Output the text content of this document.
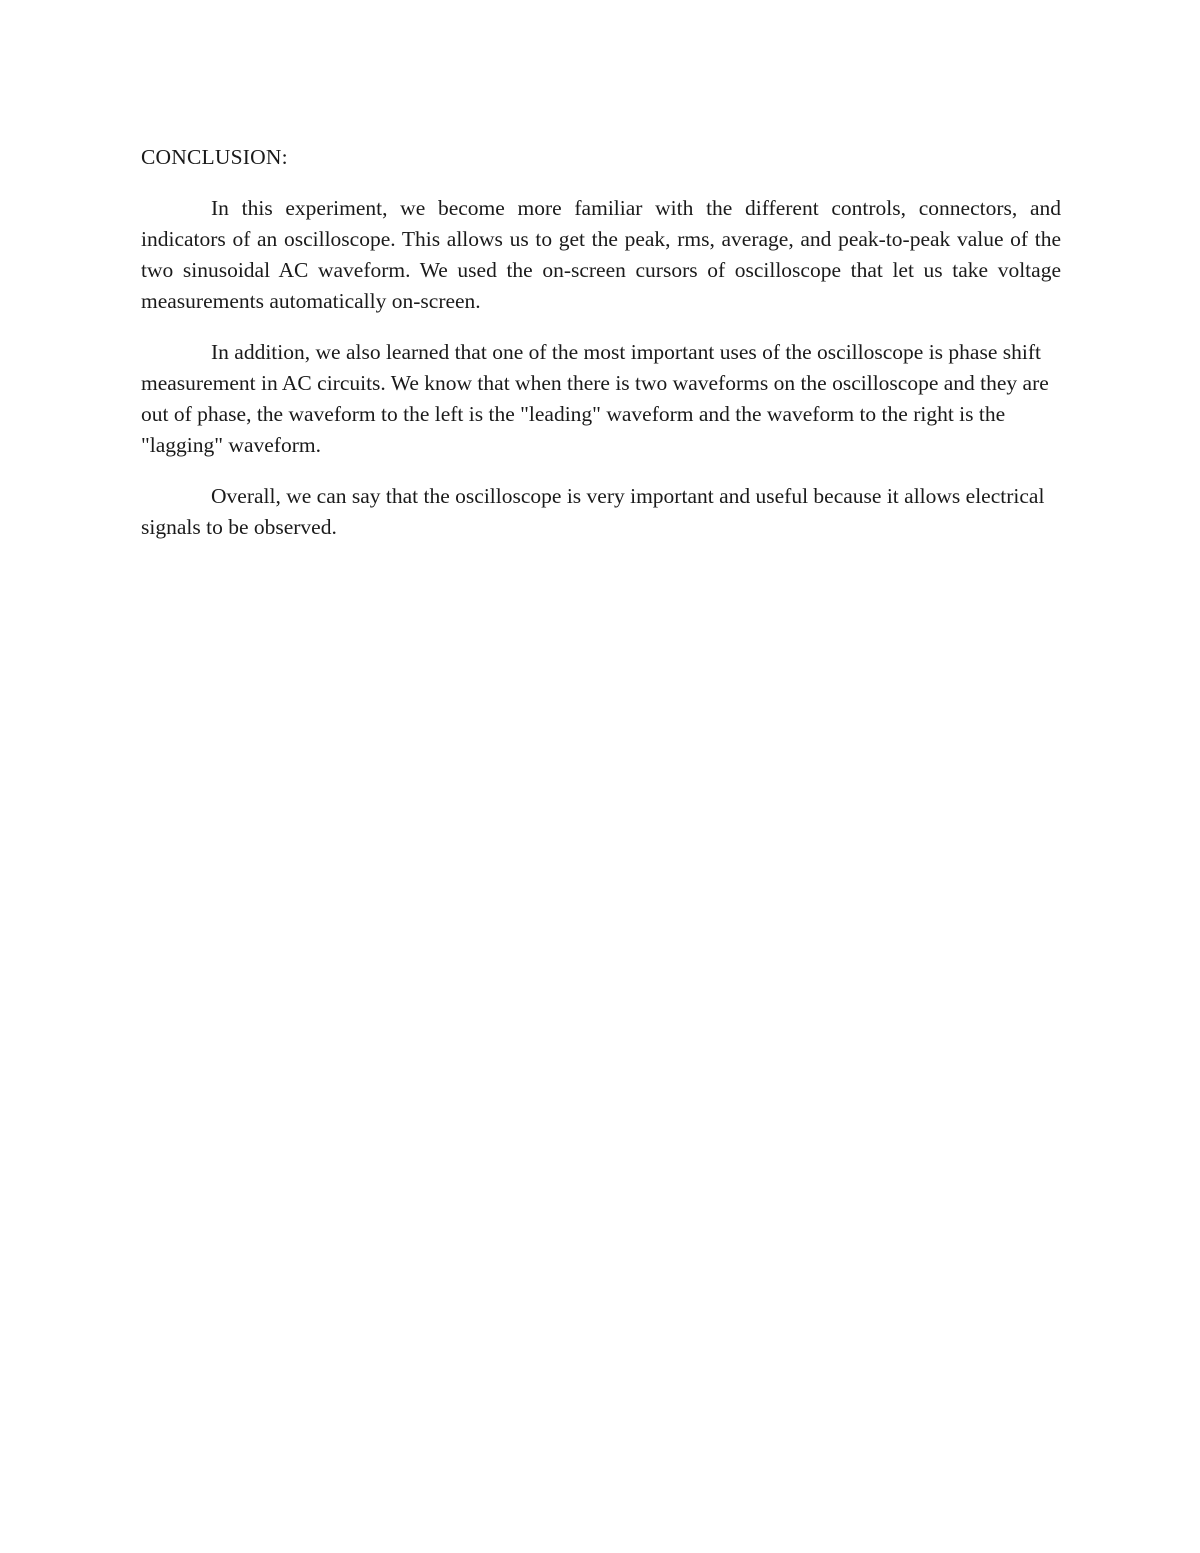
CONCLUSION:

In this experiment, we become more familiar with the different controls, connectors, and indicators of an oscilloscope. This allows us to get the peak, rms, average, and peak-to-peak value of the two sinusoidal AC waveform. We used the on-screen cursors of oscilloscope that let us take voltage measurements automatically on-screen.

In addition, we also learned that one of the most important uses of the oscilloscope is phase shift measurement in AC circuits. We know that when there is two waveforms on the oscilloscope and they are out of phase, the waveform to the left is the "leading" waveform and the waveform to the right is the "lagging" waveform.

Overall, we can say that the oscilloscope is very important and useful because it allows electrical signals to be observed.
